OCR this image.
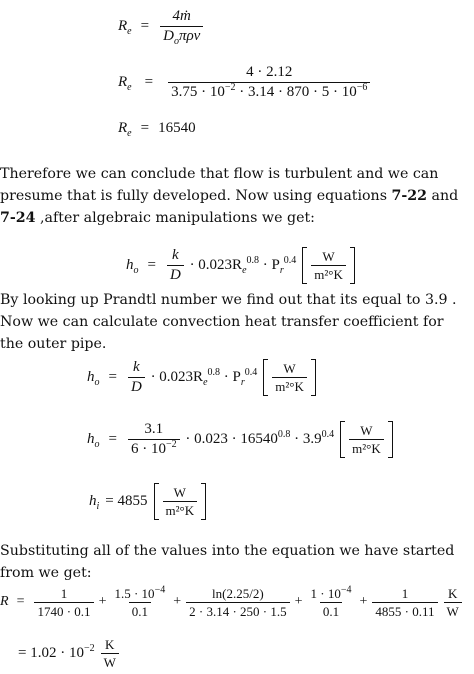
$R_e = \frac{\text{4ṁ}}{D_o\pi\rho\nu}$
$R_e = \frac{4 \cdot 2.12}{3.75 \cdot 10^{-2} \cdot 3.14 \cdot 870 \cdot 5 \cdot 10^{-6}}$
$R_e = 16540$
Therefore we can conclude that flow is turbulent and we can presume that is fully developed. Now using equations 7-22 and 7-24 ,after algebraic manipulations we get:
$h_o = \frac{k}{D} \cdot 0.023R_e^{0.8} \cdot P_r^{0.4} \frac{W}{\text{m²°K}}$
By looking up Prandtl number we find out that its equal to 3.9 . Now we can calculate convection heat transfer coefficient for the outer pipe.
$h_o = \frac{k}{D} \cdot 0.023R_e^{0.8} \cdot P_r^{0.4} \frac{W}{\text{m²°K}}$
$h_o = \frac{3.1}{6 \cdot 10^{-2}} \cdot 0.023 \cdot 16540^{0.8} \cdot 3.9^{0.4} \frac{W}{\text{m²°K}}$
$h_i = 4855 \frac{W}{\text{m²°K}}$
Substituting all of the values into the equation we have started from we get:
$R = \frac{1}{1740 \cdot 0.1} + \frac{1.5 \cdot 10^{-4}}{0.1} + \frac{\ln(2.25/2)}{2 \cdot 3.14 \cdot 250 \cdot 1.5} + \frac{1 \cdot 10^{-4}}{0.1} + \frac{1}{4855 \cdot 0.11} \frac{K}{W}$
= $1.02 \cdot 10^{-2} \frac{K}{W}$
